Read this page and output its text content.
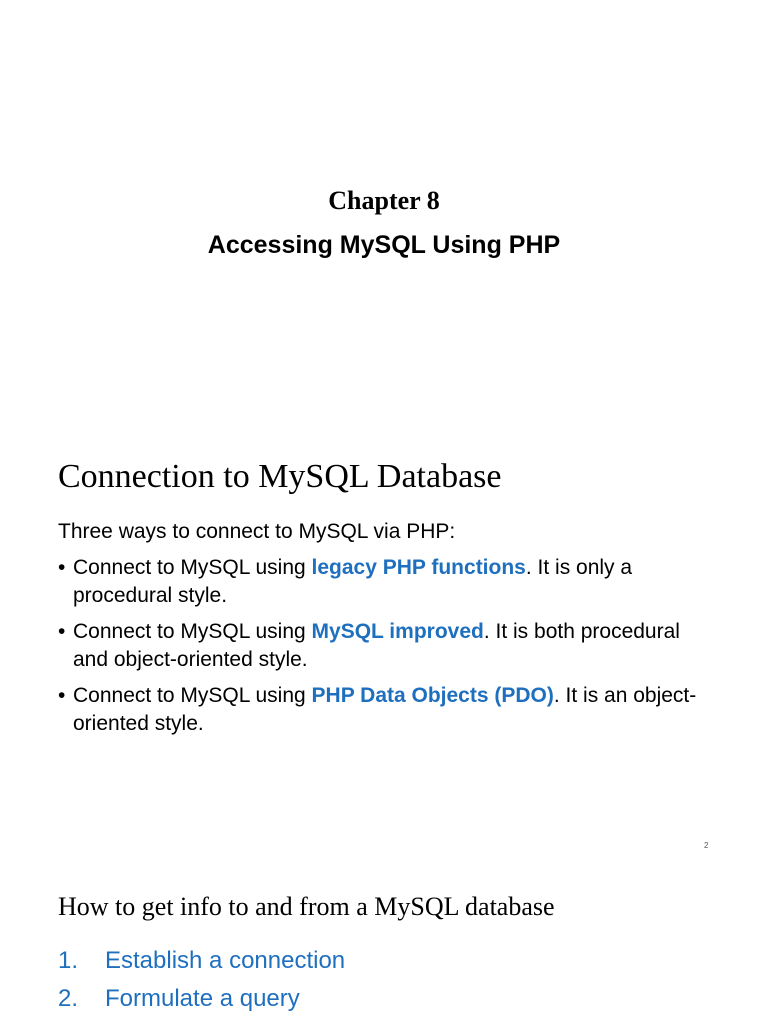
Chapter 8
Accessing MySQL Using PHP
Connection to MySQL Database

Three ways to connect to MySQL via PHP:

• Connect to MySQL using legacy PHP functions. It is only a procedural style.

• Connect to MySQL using MySQL improved. It is both procedural and object-oriented style.

• Connect to MySQL using PHP Data Objects (PDO). It is an object-oriented style.

2
How to get info to and from a MySQL database
1. Establish a connection
2. Formulate a query
